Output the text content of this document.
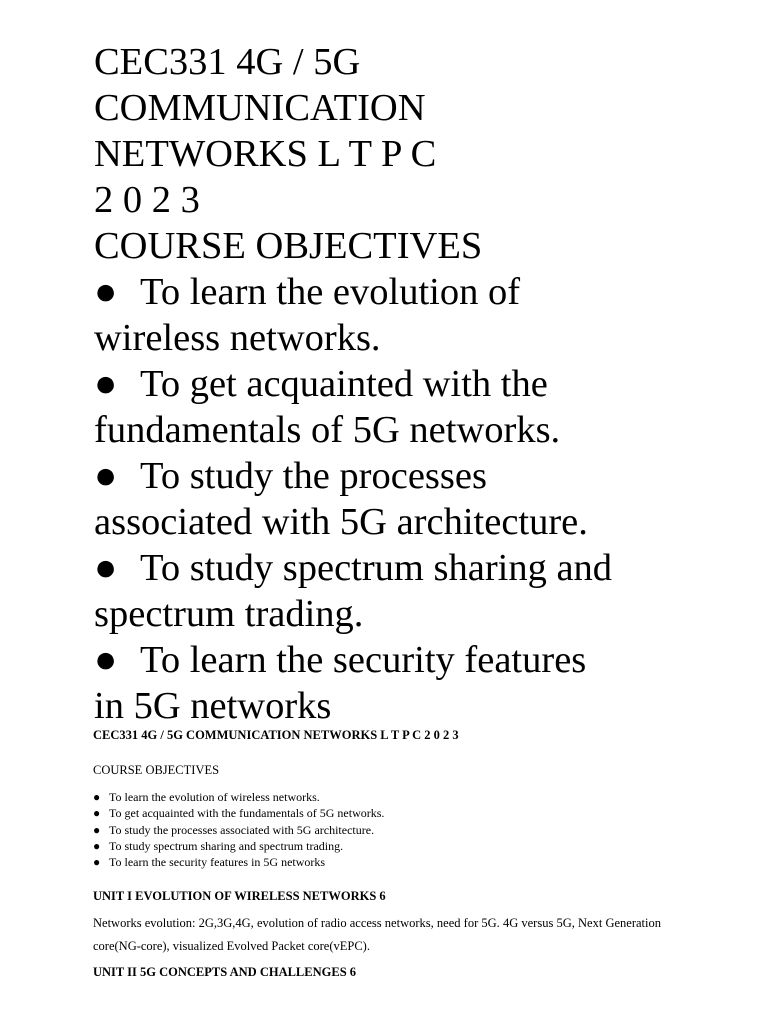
CEC331 4G / 5G
COMMUNICATION
NETWORKS L T P C
2 0 2 3
COURSE OBJECTIVES
● To learn the evolution of
wireless networks.
● To get acquainted with the
fundamentals of 5G networks.
● To study the processes
associated with 5G architecture.
● To study spectrum sharing and
spectrum trading.
● To learn the security features
in 5G networks
CEC331 4G / 5G COMMUNICATION NETWORKS L T P C 2 0 2 3
COURSE OBJECTIVES
● To learn the evolution of wireless networks.
● To get acquainted with the fundamentals of 5G networks.
● To study the processes associated with 5G architecture.
● To study spectrum sharing and spectrum trading.
● To learn the security features in 5G networks
UNIT I EVOLUTION OF WIRELESS NETWORKS 6
Networks evolution: 2G,3G,4G, evolution of radio access networks, need for 5G. 4G versus 5G, Next Generation core(NG-core), visualized Evolved Packet core(vEPC).
UNIT II 5G CONCEPTS AND CHALLENGES 6
